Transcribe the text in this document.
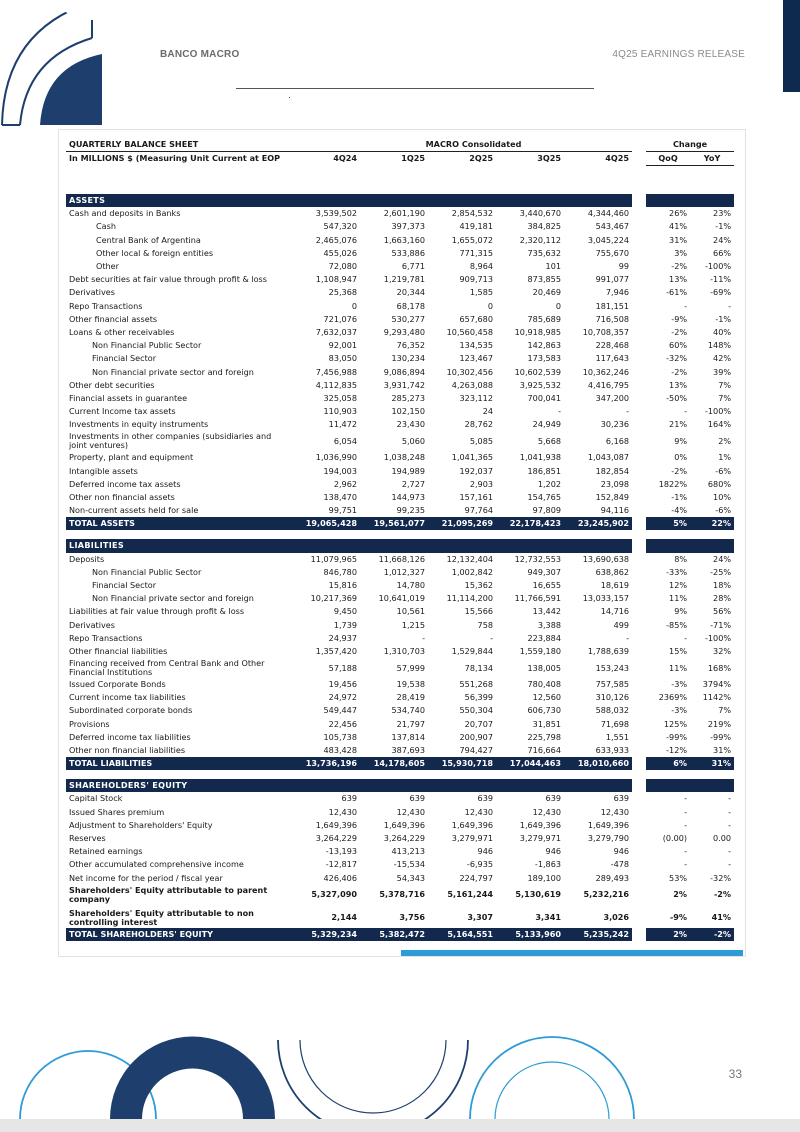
BANCO MACRO	4Q25 EARNINGS RELEASE
QUARTERLY BALANCE SHEET	MACRO Consolidated						Change	
In MILLIONS $ (Measuring Unit Current at EOP	4Q24	1Q25	2Q25	3Q25	4Q25		QoQ	YoY

ASSETS								
Cash and deposits in Banks	3,539,502	2,601,190	2,854,532	3,440,670	4,344,460		26%	23%
Cash	547,320	397,373	419,181	384,825	543,467		41%	-1%
Central Bank of Argentina	2,465,076	1,663,160	1,655,072	2,320,112	3,045,224		31%	24%
Other local & foreign entities	455,026	533,886	771,315	735,632	755,670		3%	66%
Other	72,080	6,771	8,964	101	99		-2%	-100%
Debt securities at fair value through profit & loss	1,108,947	1,219,781	909,713	873,855	991,077		13%	-11%
Derivatives	25,368	20,344	1,585	20,469	7,946		-61%	-69%
Repo Transactions	0	68,178	0	0	181,151		-	-
Other financial assets	721,076	530,277	657,680	785,689	716,508		-9%	-1%
Loans & other receivables	7,632,037	9,293,480	10,560,458	10,918,985	10,708,357		-2%	40%
Non Financial Public Sector	92,001	76,352	134,535	142,863	228,468		60%	148%
Financial Sector	83,050	130,234	123,467	173,583	117,643		-32%	42%
Non Financial private sector and foreign	7,456,988	9,086,894	10,302,456	10,602,539	10,362,246		-2%	39%
Other debt securities	4,112,835	3,931,742	4,263,088	3,925,532	4,416,795		13%	7%
Financial assets in guarantee	325,058	285,273	323,112	700,041	347,200		-50%	7%
Current Income tax assets	110,903	102,150	24	-	-		-	-100%
Investments in equity instruments	11,472	23,430	28,762	24,949	30,236		21%	164%
Investments in other companies (subsidiaries and joint ventures)	6,054	5,060	5,085	5,668	6,168		9%	2%
Property, plant and equipment	1,036,990	1,038,248	1,041,365	1,041,938	1,043,087		0%	1%
Intangible assets	194,003	194,989	192,037	186,851	182,854		-2%	-6%
Deferred income tax assets	2,962	2,727	2,903	1,202	23,098		1822%	680%
Other non financial assets	138,470	144,973	157,161	154,765	152,849		-1%	10%
Non-current assets held for sale	99,751	99,235	97,764	97,809	94,116		-4%	-6%
TOTAL ASSETS	19,065,428	19,561,077	21,095,269	22,178,423	23,245,902		5%	22%

LIABILITIES								
Deposits	11,079,965	11,668,126	12,132,404	12,732,553	13,690,638		8%	24%
Non Financial Public Sector	846,780	1,012,327	1,002,842	949,307	638,862		-33%	-25%
Financial Sector	15,816	14,780	15,362	16,655	18,619		12%	18%
Non Financial private sector and foreign	10,217,369	10,641,019	11,114,200	11,766,591	13,033,157		11%	28%
Liabilities at fair value through profit & loss	9,450	10,561	15,566	13,442	14,716		9%	56%
Derivatives	1,739	1,215	758	3,388	499		-85%	-71%
Repo Transactions	24,937	-	-	223,884	-		-	-100%
Other financial liabilities	1,357,420	1,310,703	1,529,844	1,559,180	1,788,639		15%	32%
Financing received from Central Bank and Other Financial Institutions	57,188	57,999	78,134	138,005	153,243		11%	168%
Issued Corporate Bonds	19,456	19,538	551,268	780,408	757,585		-3%	3794%
Current income tax liabilities	24,972	28,419	56,399	12,560	310,126		2369%	1142%
Subordinated corporate bonds	549,447	534,740	550,304	606,730	588,032		-3%	7%
Provisions	22,456	21,797	20,707	31,851	71,698		125%	219%
Deferred income tax liabilities	105,738	137,814	200,907	225,798	1,551		-99%	-99%
Other non financial liabilities	483,428	387,693	794,427	716,664	633,933		-12%	31%
TOTAL LIABILITIES	13,736,196	14,178,605	15,930,718	17,044,463	18,010,660		6%	31%

SHAREHOLDERS' EQUITY								
Capital Stock	639	639	639	639	639		-	-
Issued Shares premium	12,430	12,430	12,430	12,430	12,430		-	-
Adjustment to Shareholders' Equity	1,649,396	1,649,396	1,649,396	1,649,396	1,649,396		-	-
Reserves	3,264,229	3,264,229	3,279,971	3,279,971	3,279,790		(0.00)	0.00
Retained earnings	-13,193	413,213	946	946	946		-	-
Other accumulated comprehensive income	-12,817	-15,534	-6,935	-1,863	-478		-	-
Net income for the period / fiscal year	426,406	54,343	224,797	189,100	289,493		53%	-32%
Shareholders' Equity attributable to parent company	5,327,090	5,378,716	5,161,244	5,130,619	5,232,216		2%	-2%

Shareholders' Equity attributable to non controlling interest	2,144	3,756	3,307	3,341	3,026		-9%	41%
TOTAL SHAREHOLDERS' EQUITY	5,329,234	5,382,472	5,164,551	5,133,960	5,235,242		2%	-2%
33
